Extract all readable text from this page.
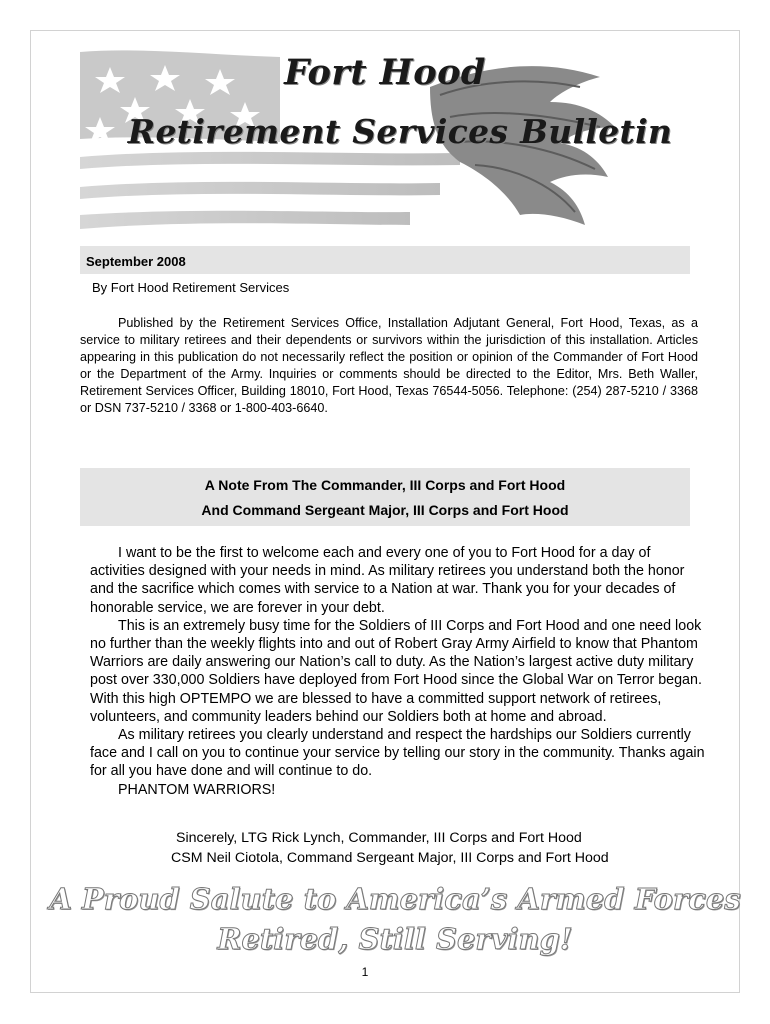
Fort Hood
Retirement Services Bulletin
September 2008
By Fort Hood Retirement Services
Published by the Retirement Services Office, Installation Adjutant General, Fort Hood, Texas, as a service to military retirees and their dependents or survivors within the jurisdiction of this installation. Articles appearing in this publication do not necessarily reflect the position or opinion of the Commander of Fort Hood or the Department of the Army. Inquiries or comments should be directed to the Editor, Mrs. Beth Waller, Retirement Services Officer, Building 18010, Fort Hood, Texas 76544-5056. Telephone: (254) 287-5210 / 3368 or DSN 737-5210 / 3368 or 1-800-403-6640.
A Note From The Commander, III Corps and Fort Hood
And Command Sergeant Major, III Corps and Fort Hood

I want to be the first to welcome each and every one of you to Fort Hood for a day of activities designed with your needs in mind. As military retirees you understand both the honor and the sacrifice which comes with service to a Nation at war. Thank you for your decades of honorable service, we are forever in your debt.

This is an extremely busy time for the Soldiers of III Corps and Fort Hood and one need look no further than the weekly flights into and out of Robert Gray Army Airfield to know that Phantom Warriors are daily answering our Nation’s call to duty. As the Nation’s largest active duty military post over 330,000 Soldiers have deployed from Fort Hood since the Global War on Terror began. With this high OPTEMPO we are blessed to have a committed support network of retirees, volunteers, and community leaders behind our Soldiers both at home and abroad.

As military retirees you clearly understand and respect the hardships our Soldiers currently face and I call on you to continue your service by telling our story in the community. Thanks again for all you have done and will continue to do.

PHANTOM WARRIORS!

Sincerely, LTG Rick Lynch, Commander, III Corps and Fort Hood
CSM Neil Ciotola, Command Sergeant Major, III Corps and Fort Hood
A Proud Salute to America’s Armed Forces
Retired, Still Serving!
1
